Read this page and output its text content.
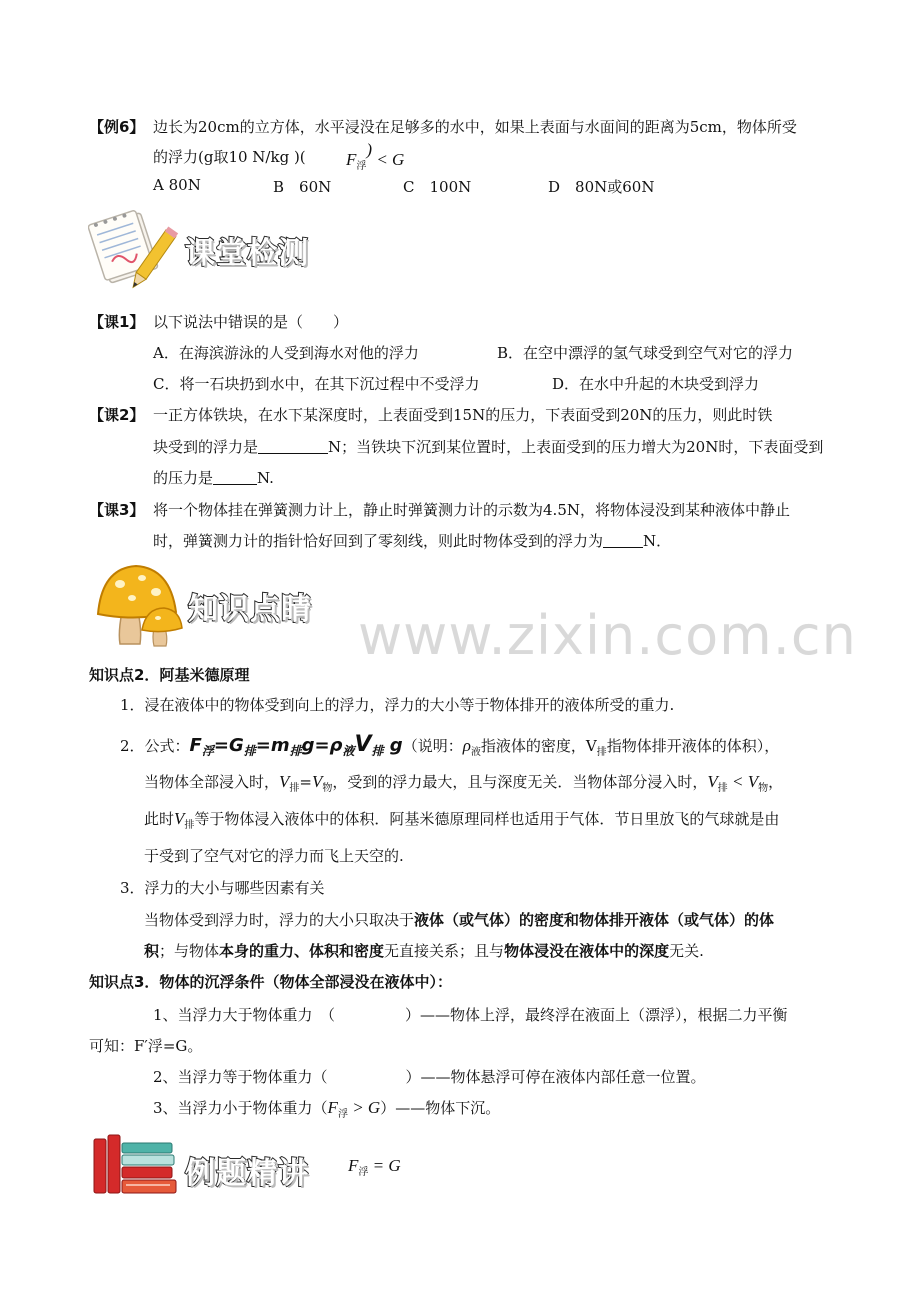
【例6】 边长为20cm的立方体，水平浸没在足够多的水中，如果上表面与水面间的距离为5cm，物体所受
的浮力(g取10 N/kg )( $F_浮) < G$
A 80N	B　60N	C　100N	D　80N或60N
课堂检测
【课1】 以下说法中错误的是（　　）
A．在海滨游泳的人受到海水对他的浮力	B．在空中漂浮的氢气球受到空气对它的浮力
C．将一石块扔到水中，在其下沉过程中不受浮力	D．在水中升起的木块受到浮力
【课2】 一正方体铁块，在水下某深度时，上表面受到15N的压力，下表面受到20N的压力，则此时铁
块受到的浮力是	N；当铁块下沉到某位置时，上表面受到的压力增大为20N时，下表面受到
的压力是	N.
【课3】 将一个物体挂在弹簧测力计上，静止时弹簧测力计的示数为4.5N，将物体浸没到某种液体中静止
时，弹簧测力计的指针恰好回到了零刻线，则此时物体受到的浮力为	N．
知识点睛 www.zixin.com.cn
知识点2．阿基米德原理
1．浸在液体中的物体受到向上的浮力，浮力的大小等于物体排开的液体所受的重力.
2．公式：$F_浮=G_排=m_排g=\rho_液V_排$ g（说明：$\rho_液$指液体的密度，$V_排$指物体排开液体的体积），
当物体全部浸入时，$V_排=V_物$，受到的浮力最大，且与深度无关．当物体部分浸入时，$V_排 < V_物$，
此时$V_排$等于物体浸入液体中的体积．阿基米德原理同样也适用于气体．节日里放飞的气球就是由
于受到了空气对它的浮力而飞上天空的.
3．浮力的大小与哪些因素有关
当物体受到浮力时，浮力的大小只取决于液体（或气体）的密度和物体排开液体（或气体）的体
积；与物体本身的重力、体积和密度无直接关系；且与物体浸没在液体中的深度无关.
知识点3．物体的沉浮条件（物体全部浸没在液体中）：
1、当浮力大于物体重力　（	）——物体上浮，最终浮在液面上（漂浮），根据二力平衡
可知：F′浮=G。
2、当浮力等于物体重力（	）——物体悬浮可停在液体内部任意一位置。
3、当浮力小于物体重力（$F_浮$ > G）——物体下沉。
例题精讲 $F_浮 = G$
